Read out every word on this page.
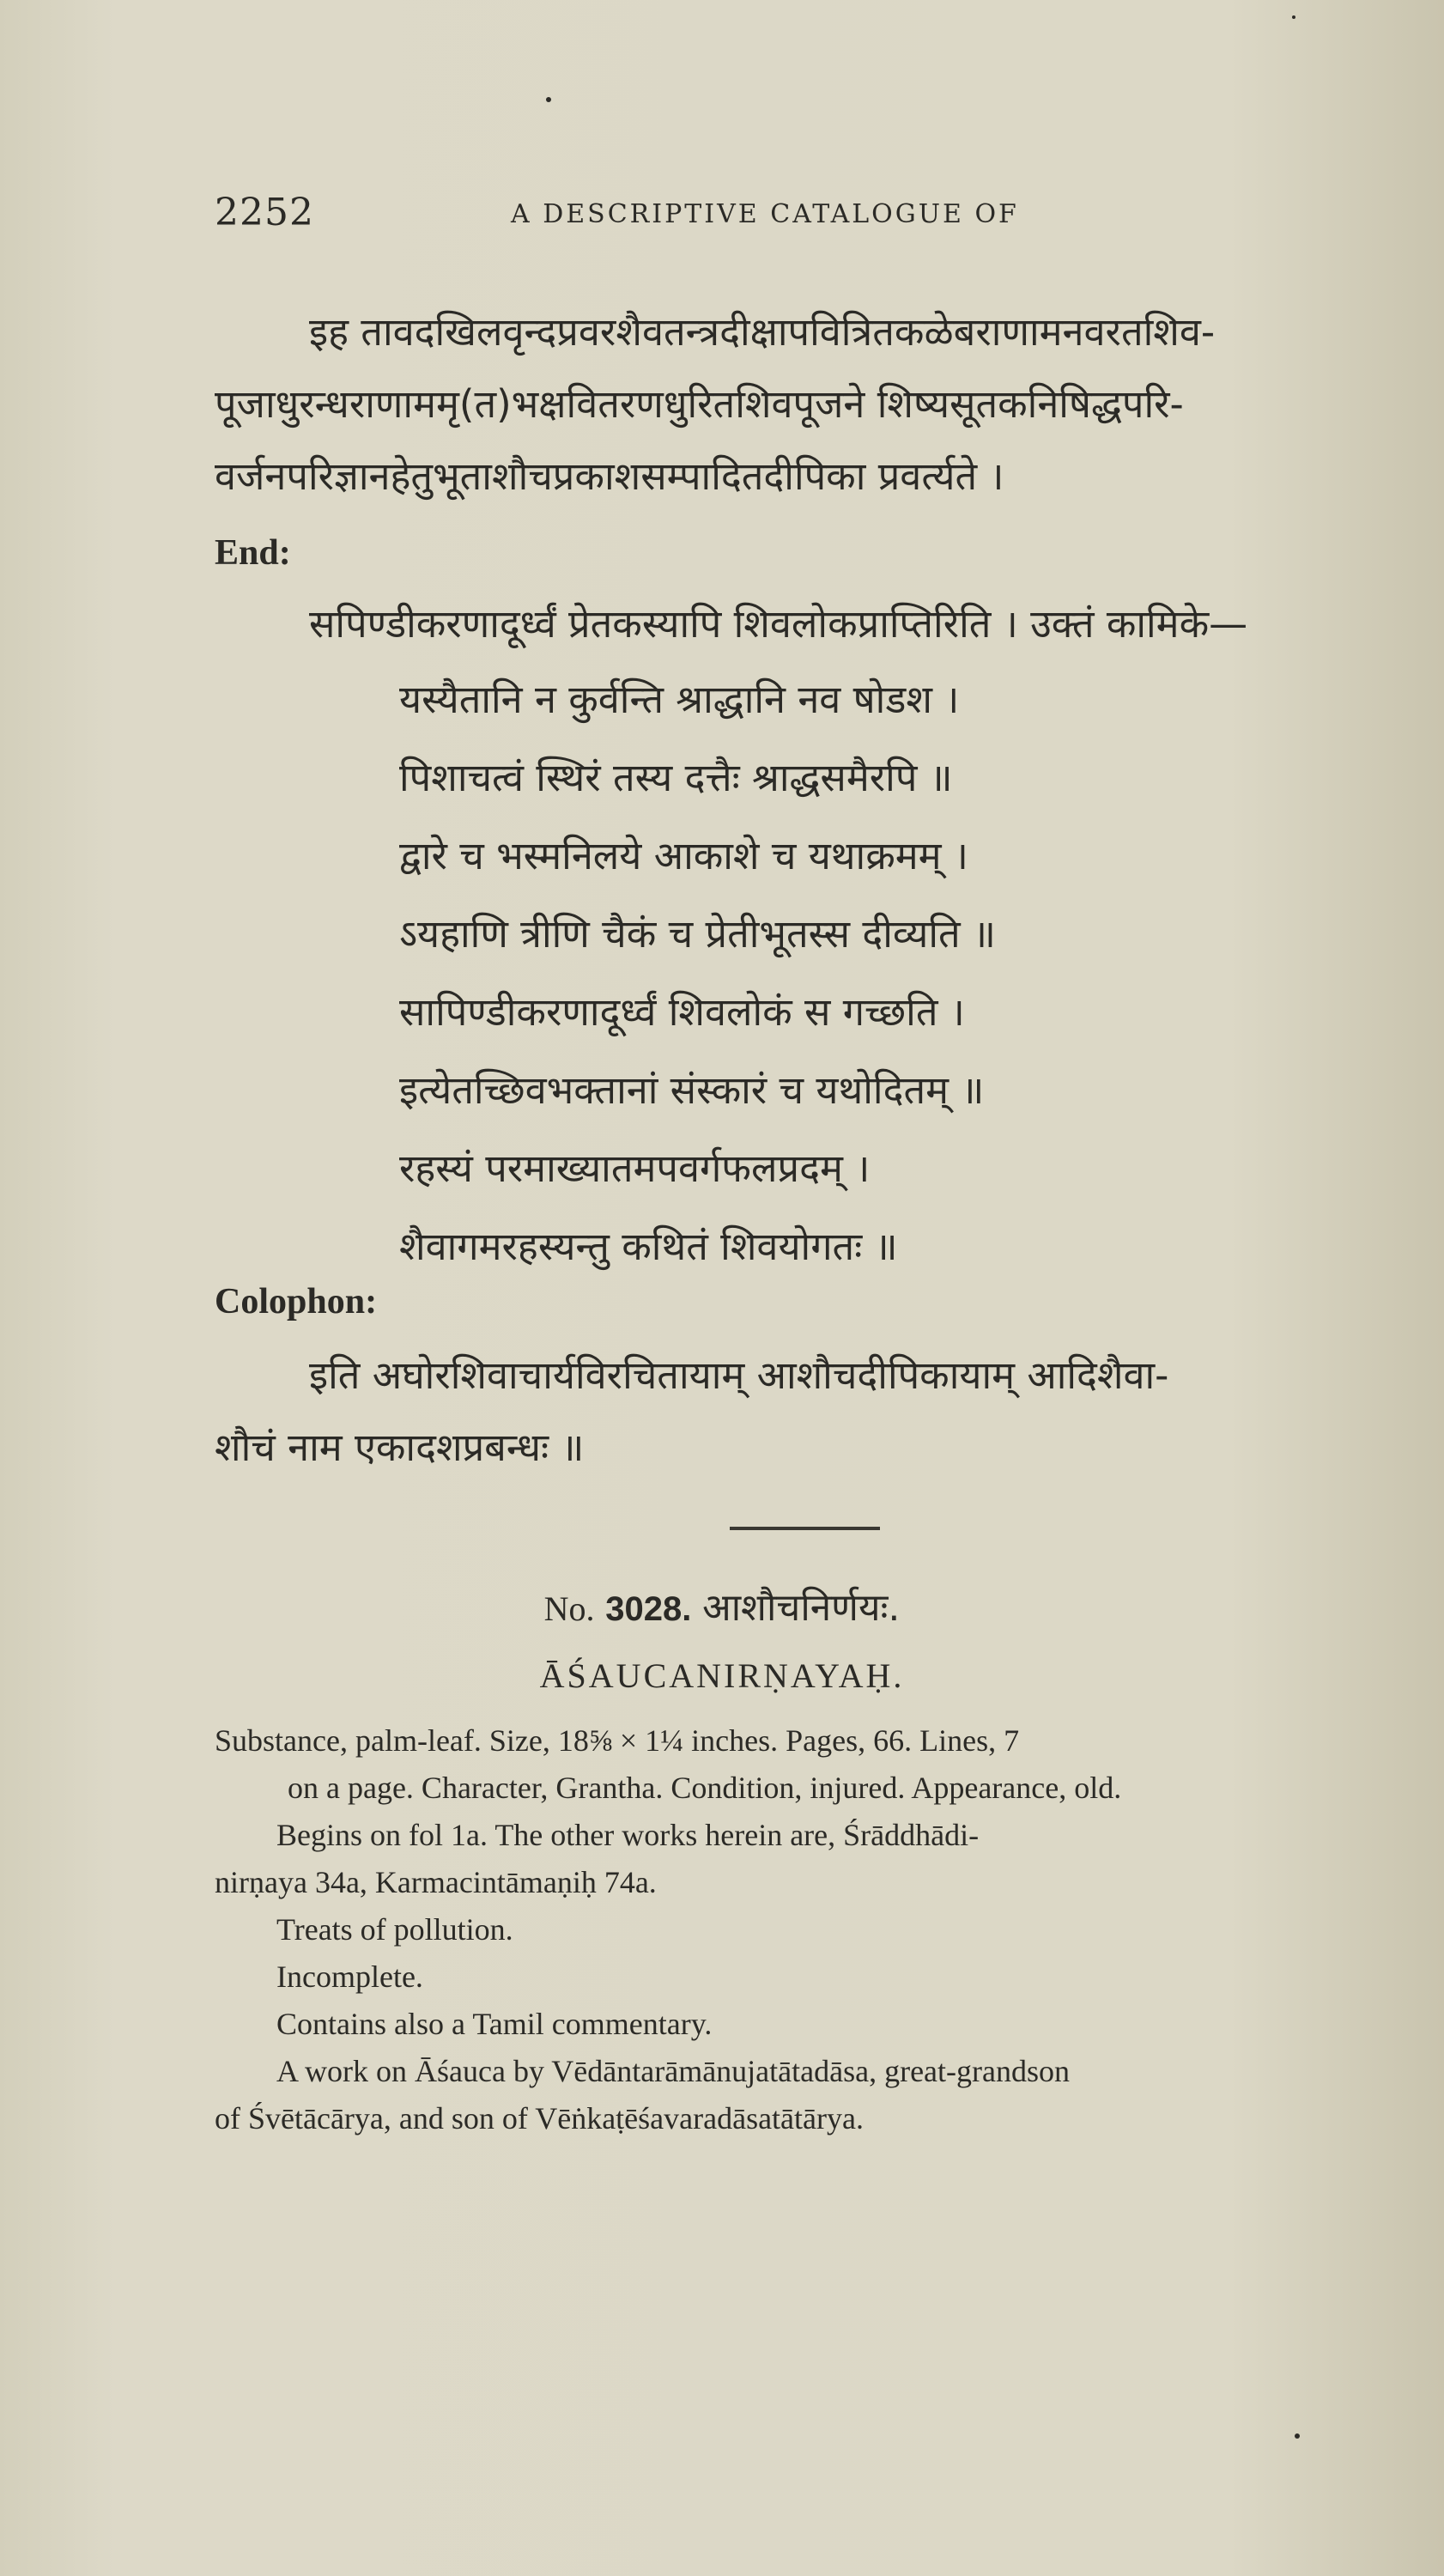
2252	A DESCRIPTIVE CATALOGUE OF
इह तावदखिलवृन्दप्रवरशैवतन्त्रदीक्षापवित्रितकळेबराणामनवरतशिव-
पूजाधुरन्धराणाममृ(त)भक्षवितरणधुरितशिवपूजने शिष्यसूतकनिषिद्धपरि-
वर्जनपरिज्ञानहेतुभूताशौचप्रकाशसम्पादितदीपिका प्रवर्त्यते ।
End:
सपिण्डीकरणादूर्ध्वं प्रेतकस्यापि शिवलोकप्राप्तिरिति । उक्तं कामिके—
यस्यैतानि न कुर्वन्ति श्राद्धानि नव षोडश ।
पिशाचत्वं स्थिरं तस्य दत्तैः श्राद्धसमैरपि ॥
द्वारे च भस्मनिलये आकाशे च यथाक्रमम् ।
ऽयहाणि त्रीणि चैकं च प्रेतीभूतस्स दीव्यति ॥
सापिण्डीकरणादूर्ध्वं शिवलोकं स गच्छति ।
इत्येतच्छिवभक्तानां संस्कारं च यथोदितम् ॥
रहस्यं परमाख्यातमपवर्गफलप्रदम् ।
शैवागमरहस्यन्तु कथितं शिवयोगतः ॥
Colophon:
इति अघोरशिवाचार्यविरचितायाम् आशौचदीपिकायाम् आदिशैवा-
शौचं नाम एकादशप्रबन्धः ॥
No. 3028. आशौचनिर्णयः.
ĀŚAUCANIRṆAYAḤ.

Substance, palm-leaf. Size, 18⅝ × 1¼ inches. Pages, 66. Lines, 7
on a page. Character, Grantha. Condition, injured. Appearance, old.

Begins on fol 1a. The other works herein are, Śrāddhādi-

nirṇaya 34a, Karmacintāmaṇiḥ 74a.

Treats of pollution.

Incomplete.

Contains also a Tamil commentary.

A work on Āśauca by Vēdāntarāmānujatātadāsa, great-grandson

of Śvētācārya, and son of Vēṅkaṭēśavaradāsatātārya.
